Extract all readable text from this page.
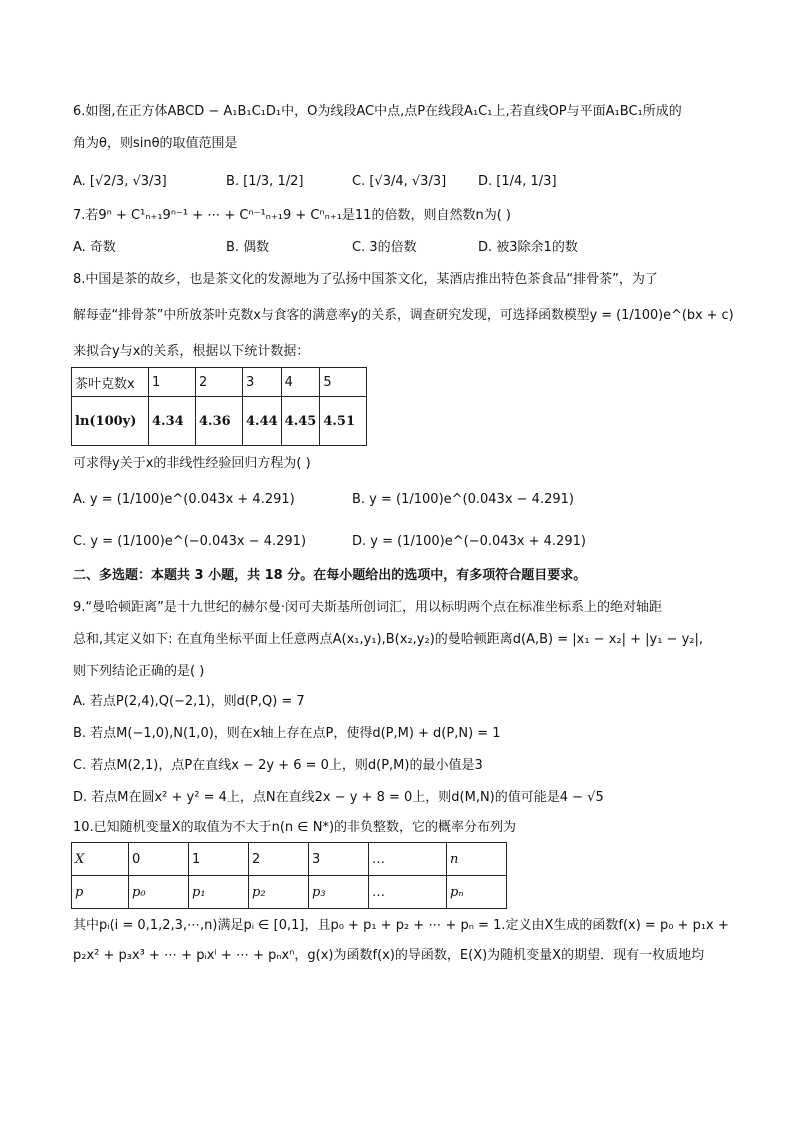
6.如图,在正方体ABCD − A₁B₁C₁D₁中，O为线段AC中点,点P在线段A₁C₁上,若直线OP与平面A₁BC₁所成的
角为θ，则sinθ的取值范围是
A. [√2/3, √3/3]	B. [1/3, 1/2]	C. [√3/4, √3/3] D. [1/4, 1/3]
7.若9ⁿ + C¹ₙ₊₁9ⁿ⁻¹ + ⋯ + Cⁿ⁻¹ₙ₊₁9 + Cⁿₙ₊₁是11的倍数，则自然数n为( )
A. 奇数	B. 偶数	C. 3的倍数	D. 被3除余1的数
8.中国是茶的故乡，也是茶文化的发源地为了弘扬中国茶文化，某酒店推出特色茶食品“排骨茶”，为了
解每壶“排骨茶”中所放茶叶克数x与食客的满意率y的关系，调查研究发现，可选择函数模型y = (1/100)e^(bx + c)
来拟合y与x的关系，根据以下统计数据：
茶叶克数x	1	2	3	4	5
ln(100y)	4.34	4.36	4.44	4.45	4.51
可求得y关于x的非线性经验回归方程为( )
A. y = (1/100)e^(0.043x + 4.291)	B. y = (1/100)e^(0.043x − 4.291)
C. y = (1/100)e^(−0.043x − 4.291)	D. y = (1/100)e^(−0.043x + 4.291)
二、多选题：本题共 3 小题，共 18 分。在每小题给出的选项中，有多项符合题目要求。
9.“曼哈顿距离”是十九世纪的赫尔曼·闵可夫斯基所创词汇，用以标明两个点在标准坐标系上的绝对轴距
总和,其定义如下: 在直角坐标平面上任意两点A(x₁,y₁),B(x₂,y₂)的曼哈顿距离d(A,B) = |x₁ − x₂| + |y₁ − y₂|,
则下列结论正确的是( )
A. 若点P(2,4),Q(−2,1)，则d(P,Q) = 7
B. 若点M(−1,0),N(1,0)，则在x轴上存在点P，使得d(P,M) + d(P,N) = 1
C. 若点M(2,1)，点P在直线x − 2y + 6 = 0上，则d(P,M)的最小值是3
D. 若点M在圆x² + y² = 4上，点N在直线2x − y + 8 = 0上，则d(M,N)的值可能是4 − √5
10.已知随机变量X的取值为不大于n(n ∈ N*)的非负整数，它的概率分布列为
X	0	1	2	3	…	n
p	p₀	p₁	p₂	p₃	…	pₙ
其中pᵢ(i = 0,1,2,3,⋯,n)满足pᵢ ∈ [0,1]，且p₀ + p₁ + p₂ + ⋯ + pₙ = 1.定义由X生成的函数f(x) = p₀ + p₁x +
p₂x² + p₃x³ + ⋯ + pᵢxⁱ + ⋯ + pₙxⁿ，g(x)为函数f(x)的导函数，E(X)为随机变量X的期望．现有一枚质地均
